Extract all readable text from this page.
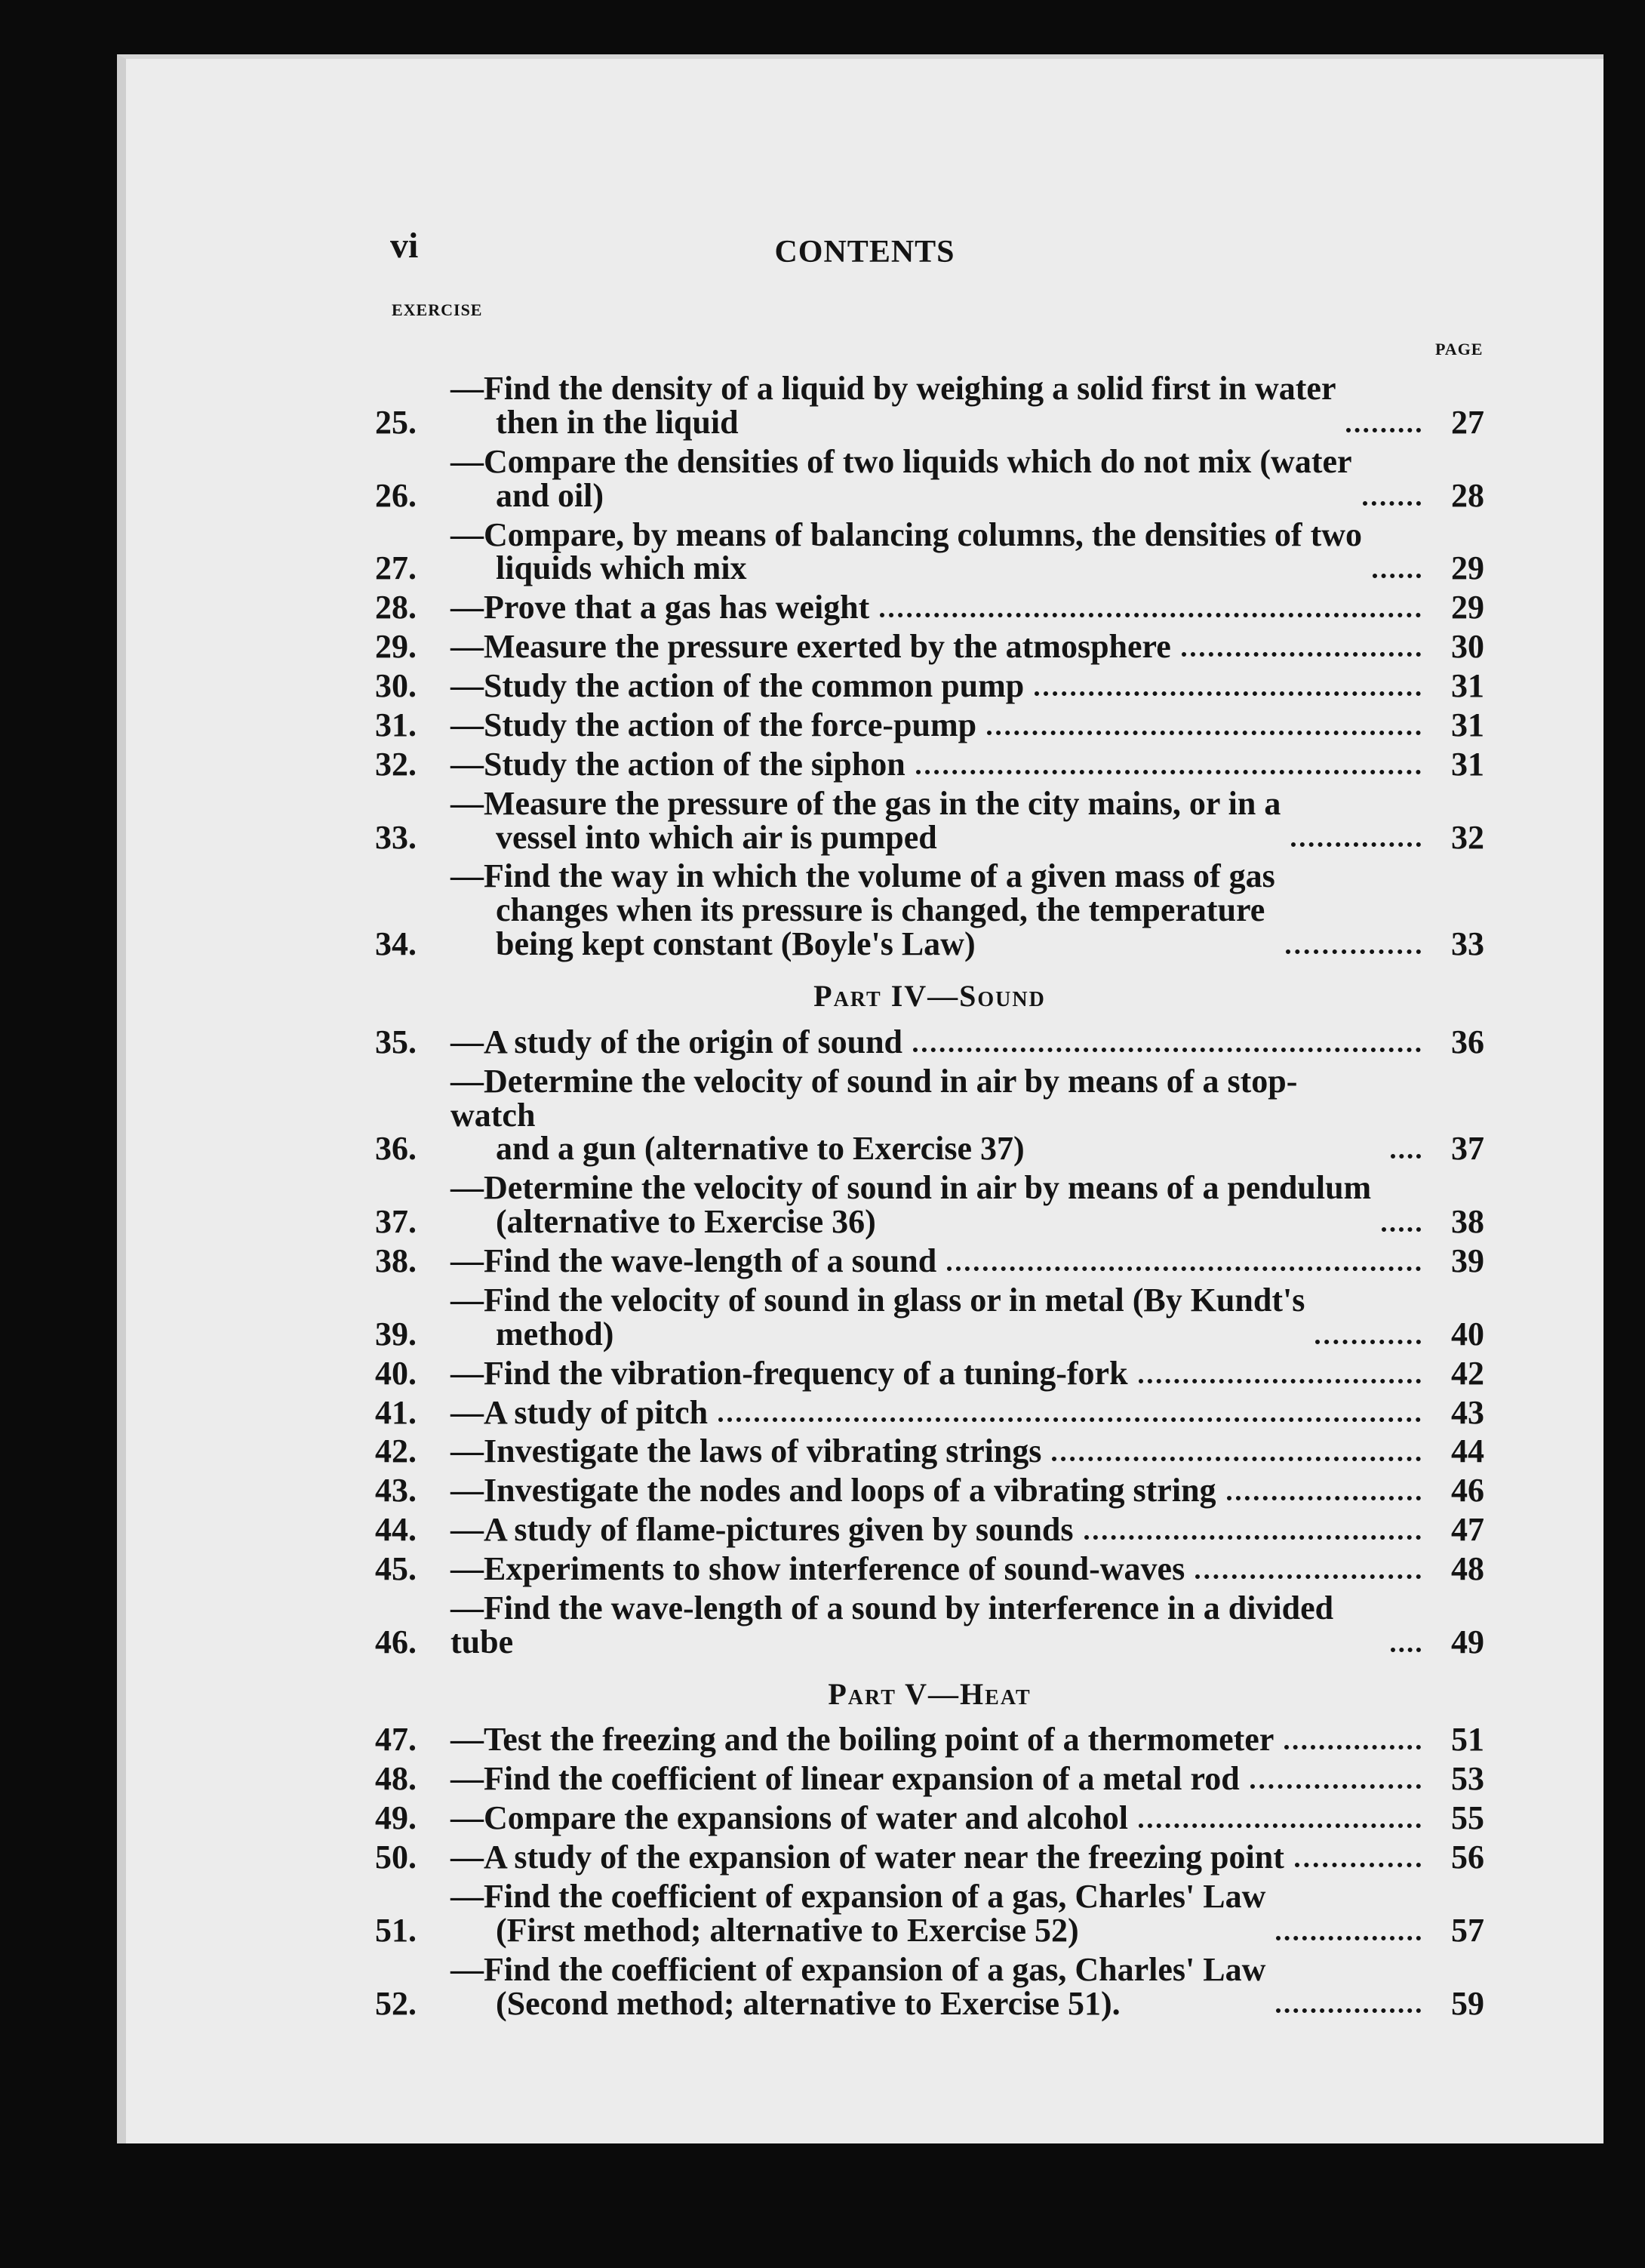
vi	CONTENTS
EXERCISE
PAGE
25.
—Find the density of a liquid by weighing a solid first in water
then in the liquid	27
26.
—Compare the densities of two liquids which do not mix (water
and oil)	28
27.
—Compare, by means of balancing columns, the densities of two
liquids which mix	29
28.	—Prove that a gas has weight	29
29.	—Measure the pressure exerted by the atmosphere	30
30.	—Study the action of the common pump	31
31.	—Study the action of the force-pump	31
32.	—Study the action of the siphon	31
33.
—Measure the pressure of the gas in the city mains, or in a
vessel into which air is pumped	32
34.
—Find the way in which the volume of a given mass of gas
changes when its pressure is changed, the temperature
being kept constant (Boyle's Law)	33
Part IV—Sound
35.	—A study of the origin of sound	36
36.
—Determine the velocity of sound in air by means of a stop-watch
and a gun (alternative to Exercise 37)	37
37.
—Determine the velocity of sound in air by means of a pendulum
(alternative to Exercise 36)	38
38.	—Find the wave-length of a sound	39
39.
—Find the velocity of sound in glass or in metal (By Kundt's
method)	40
40.	—Find the vibration-frequency of a tuning-fork	42
41.	—A study of pitch	43
42.	—Investigate the laws of vibrating strings	44
43.	—Investigate the nodes and loops of a vibrating string	46
44.	—A study of flame-pictures given by sounds	47
45.	—Experiments to show interference of sound-waves	48
46.
—Find the wave-length of a sound by interference in a divided tube	49
Part V—Heat
47.	—Test the freezing and the boiling point of a thermometer	51
48.	—Find the coefficient of linear expansion of a metal rod	53
49.	—Compare the expansions of water and alcohol	55
50.	—A study of the expansion of water near the freezing point	56
51.
—Find the coefficient of expansion of a gas, Charles' Law
(First method; alternative to Exercise 52)	57
52.
—Find the coefficient of expansion of a gas, Charles' Law
(Second method; alternative to Exercise 51).	59
